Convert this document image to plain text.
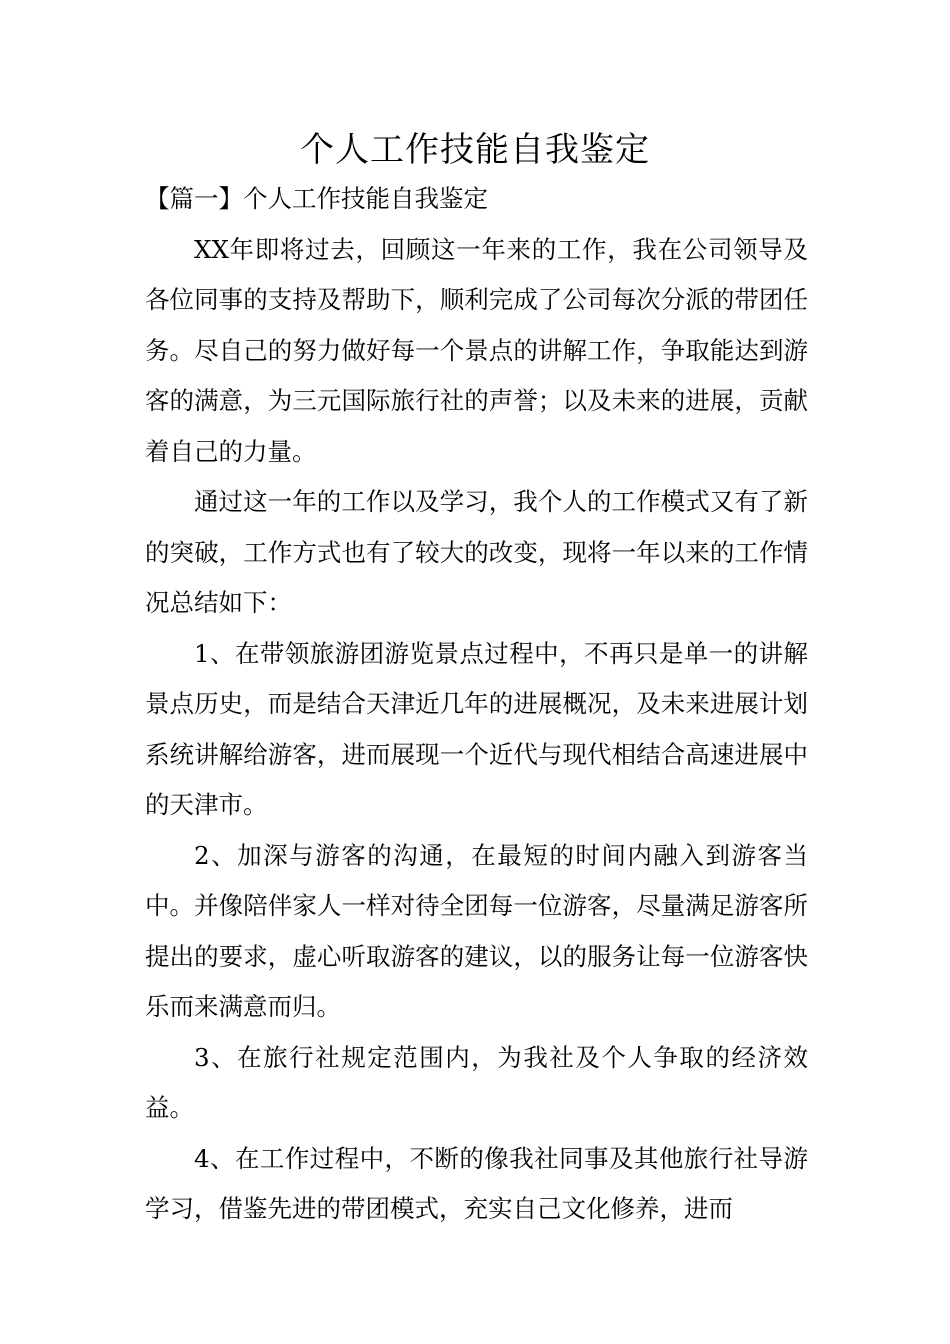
个人工作技能自我鉴定

【篇一】个人工作技能自我鉴定

XX年即将过去，回顾这一年来的工作，我在公司领导及各位同事的支持及帮助下，顺利完成了公司每次分派的带团任务。尽自己的努力做好每一个景点的讲解工作，争取能达到游客的满意，为三元国际旅行社的声誉；以及未来的进展，贡献着自己的力量。

通过这一年的工作以及学习，我个人的工作模式又有了新的突破，工作方式也有了较大的改变，现将一年以来的工作情况总结如下：

1、在带领旅游团游览景点过程中，不再只是单一的讲解景点历史，而是结合天津近几年的进展概况，及未来进展计划系统讲解给游客，进而展现一个近代与现代相结合高速进展中的天津市。

2、加深与游客的沟通，在最短的时间内融入到游客当中。并像陪伴家人一样对待全团每一位游客，尽量满足游客所提出的要求，虚心听取游客的建议，以的服务让每一位游客快乐而来满意而归。

3、在旅行社规定范围内，为我社及个人争取的经济效益。

4、在工作过程中，不断的像我社同事及其他旅行社导游学习，借鉴先进的带团模式，充实自己文化修养，进而
